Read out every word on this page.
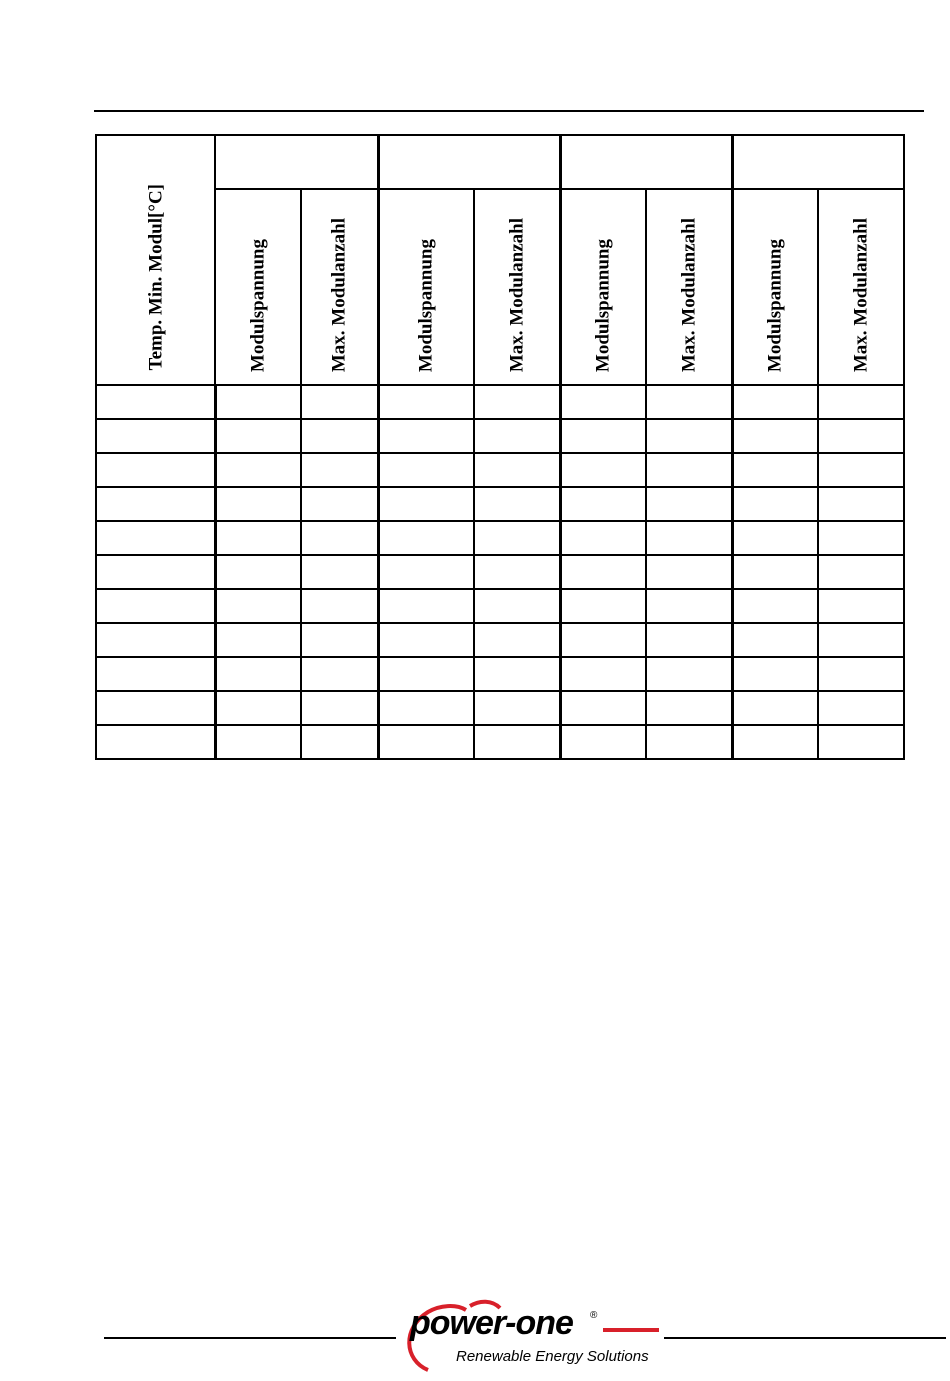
Temp. Min. Modul[°C]								

	Modulspannung	Max. Modulanzahl	Modulspannung	Max. Modulanzahl	Modulspannung	Max. Modulanzahl	Modulspannung	Max. Modulanzahl

power-one ®
Renewable Energy Solutions
